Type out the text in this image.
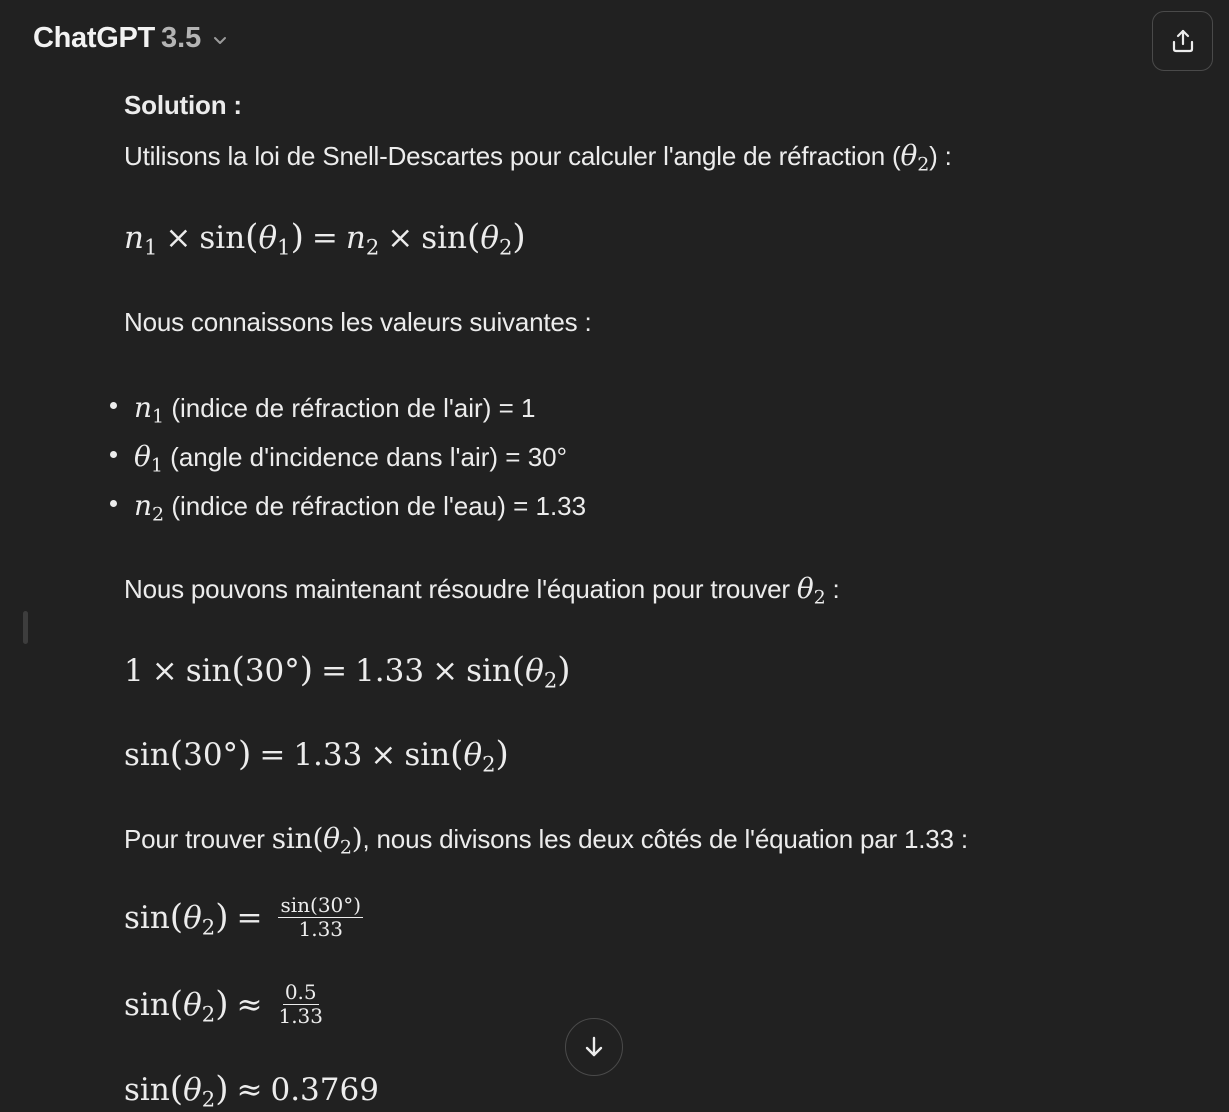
ChatGPT 3.5
Solution :
Utilisons la loi de Snell-Descartes pour calculer l'angle de réfraction $(\theta_2)$ :
$n_1 \times \sin(\theta_1) = n_2 \times \sin(\theta_2)$
Nous connaissons les valeurs suivantes :
$n_1$ (indice de réfraction de l'air) = 1
$\theta_1$ (angle d'incidence dans l'air) = 30°
$n_2$ (indice de réfraction de l'eau) = 1.33
Nous pouvons maintenant résoudre l'équation pour trouver $\theta_2$ :
$1 \times \sin(30^\circ) = 1.33 \times \sin(\theta_2)$
$\sin(30^\circ) = 1.33 \times \sin(\theta_2)$
Pour trouver $\sin(\theta_2)$, nous divisons les deux côtés de l'équation par 1.33 :
$\sin(\theta_2) = \frac{\sin(30^\circ)}{1.33}$
$\sin(\theta_2) \approx \frac{0.5}{1.33}$
$\sin(\theta_2) \approx 0.3769$
